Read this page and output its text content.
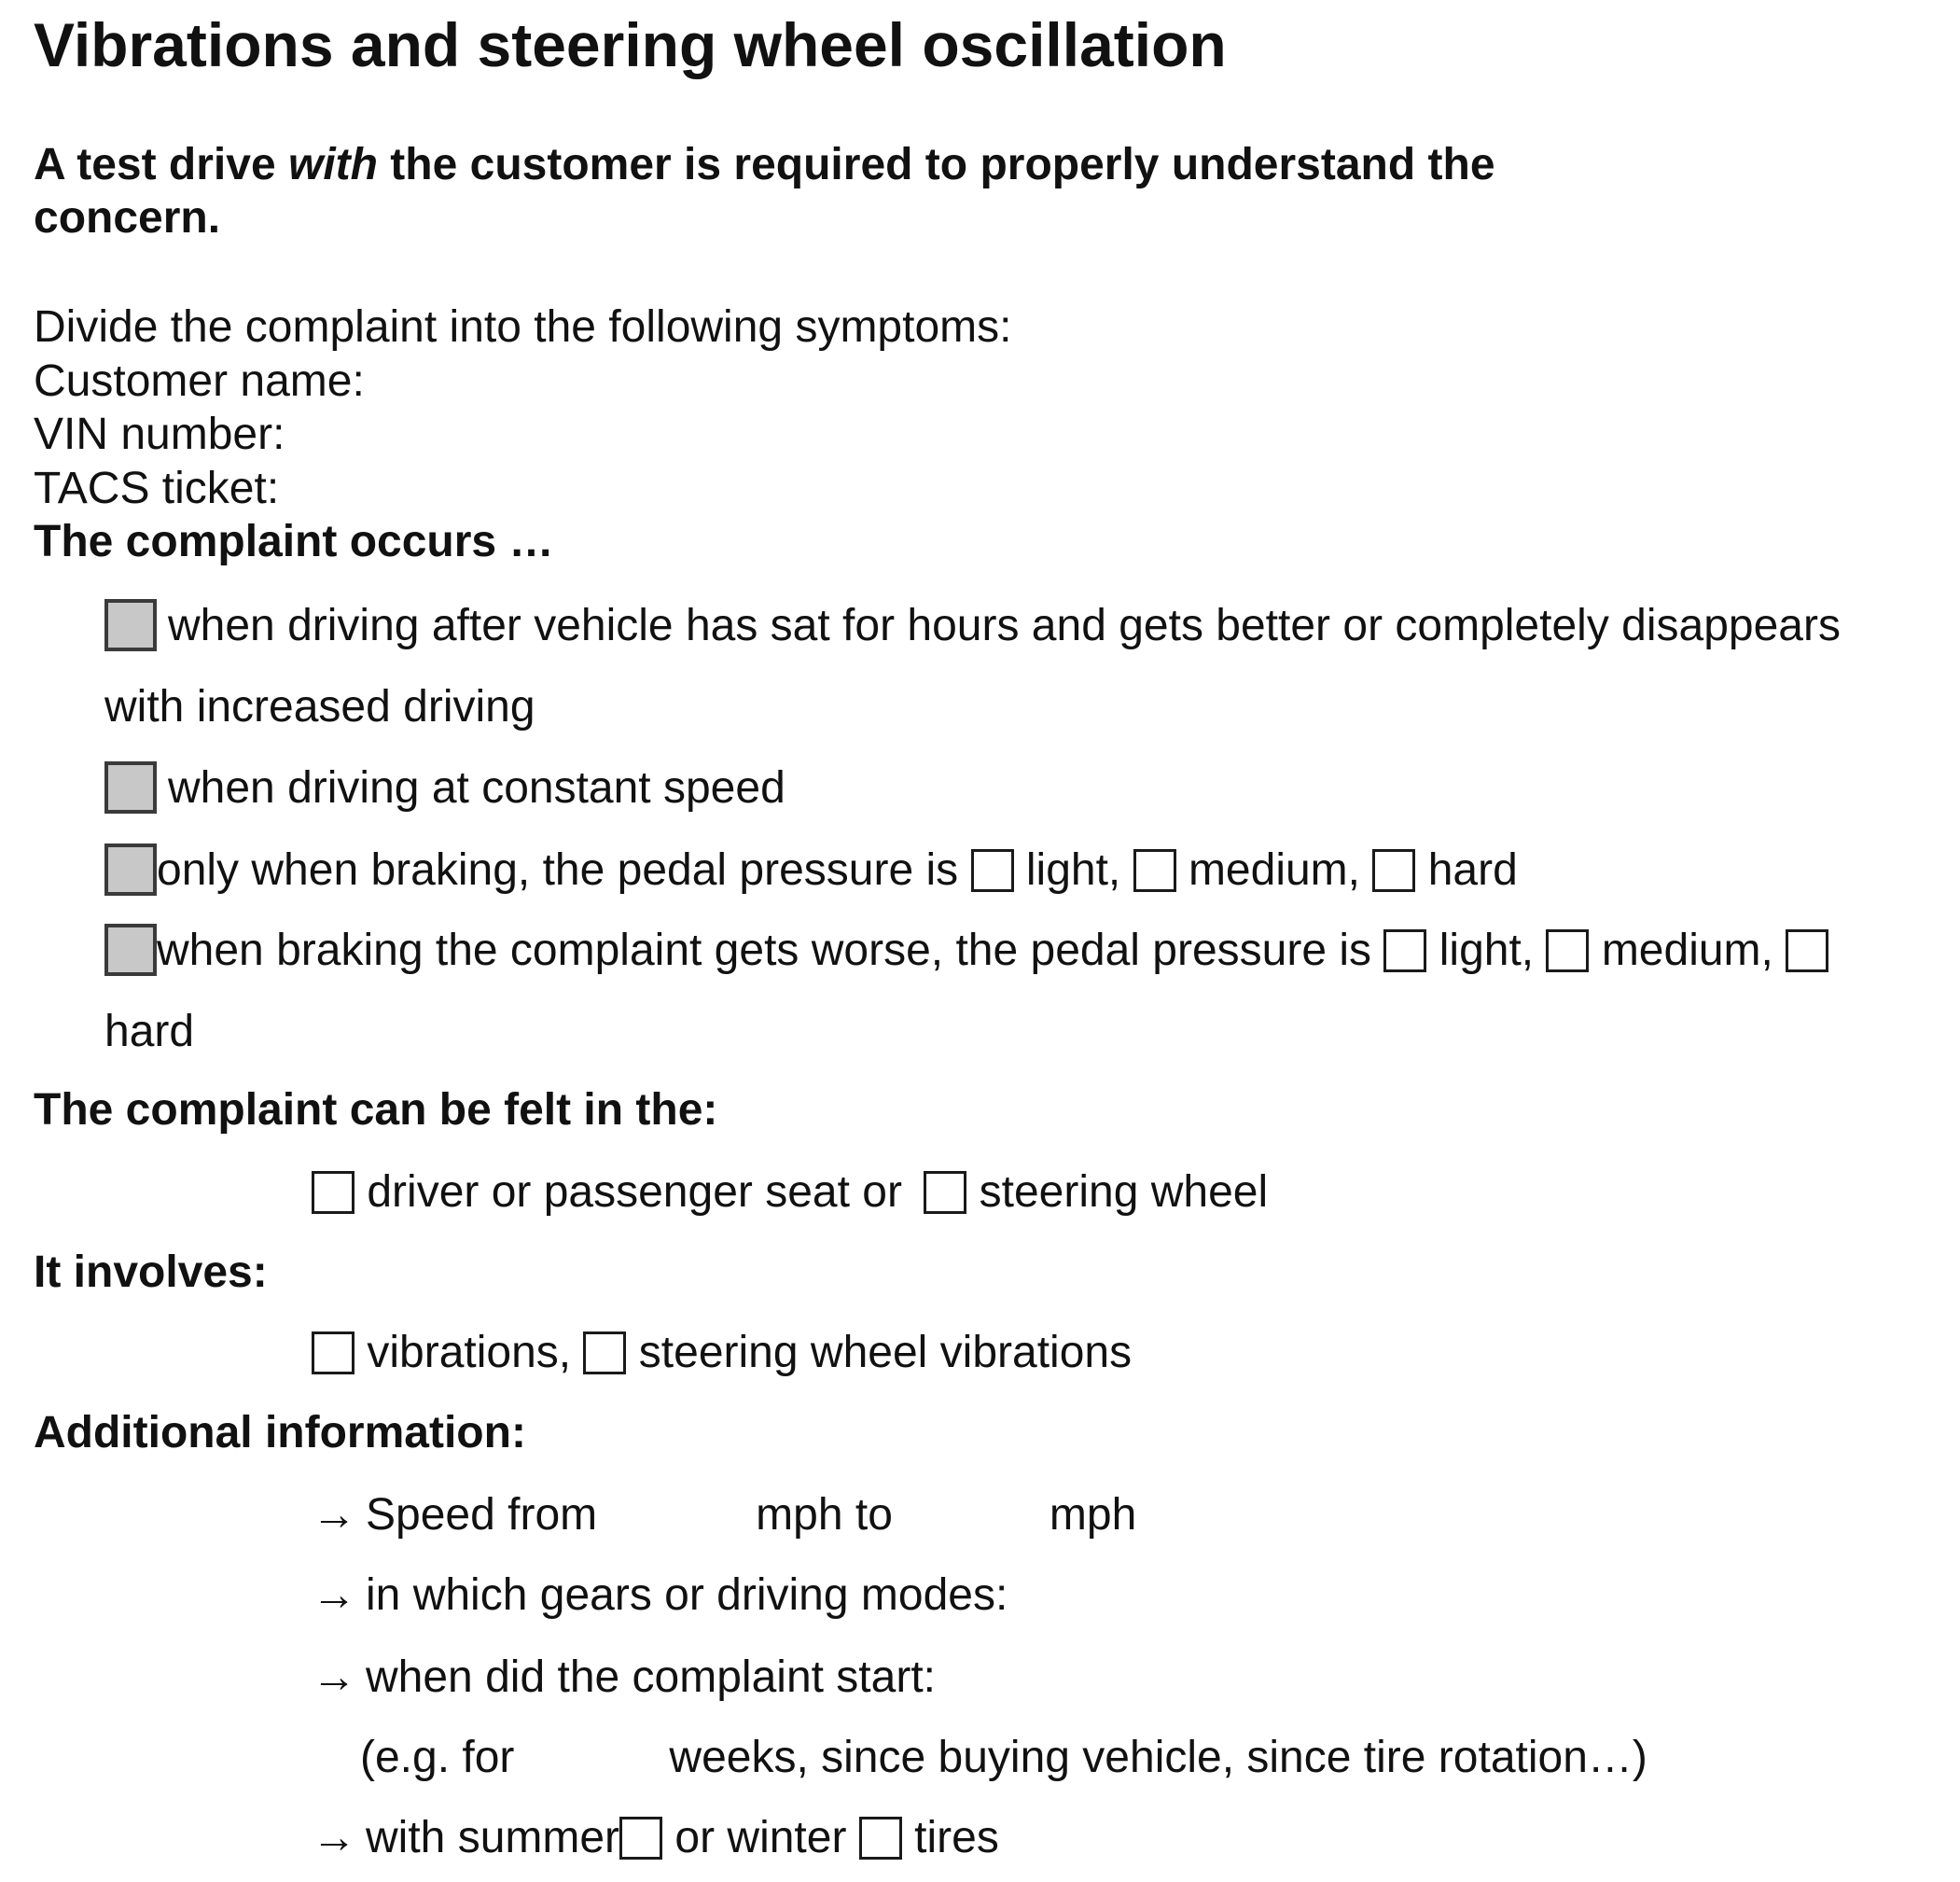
Vibrations and steering wheel oscillation
A test drive with the customer is required to properly understand the concern.
Divide the complaint into the following symptoms:
Customer name:
VIN number:
TACS ticket:
The complaint occurs …
when driving after vehicle has sat for hours and gets better or completely disappears
with increased driving
when driving at constant speed
only when braking, the pedal pressure is light, medium, hard
when braking the complaint gets worse, the pedal pressure is light, medium,
hard
The complaint can be felt in the:
driver or passenger seat or steering wheel
It involves:
vibrations, steering wheel vibrations
Additional information:
→ Speed from	mph to	mph
→ in which gears or driving modes:
→ when did the complaint start:
(e.g. for	weeks, since buying vehicle, since tire rotation…)
→ with summer or winter tires
